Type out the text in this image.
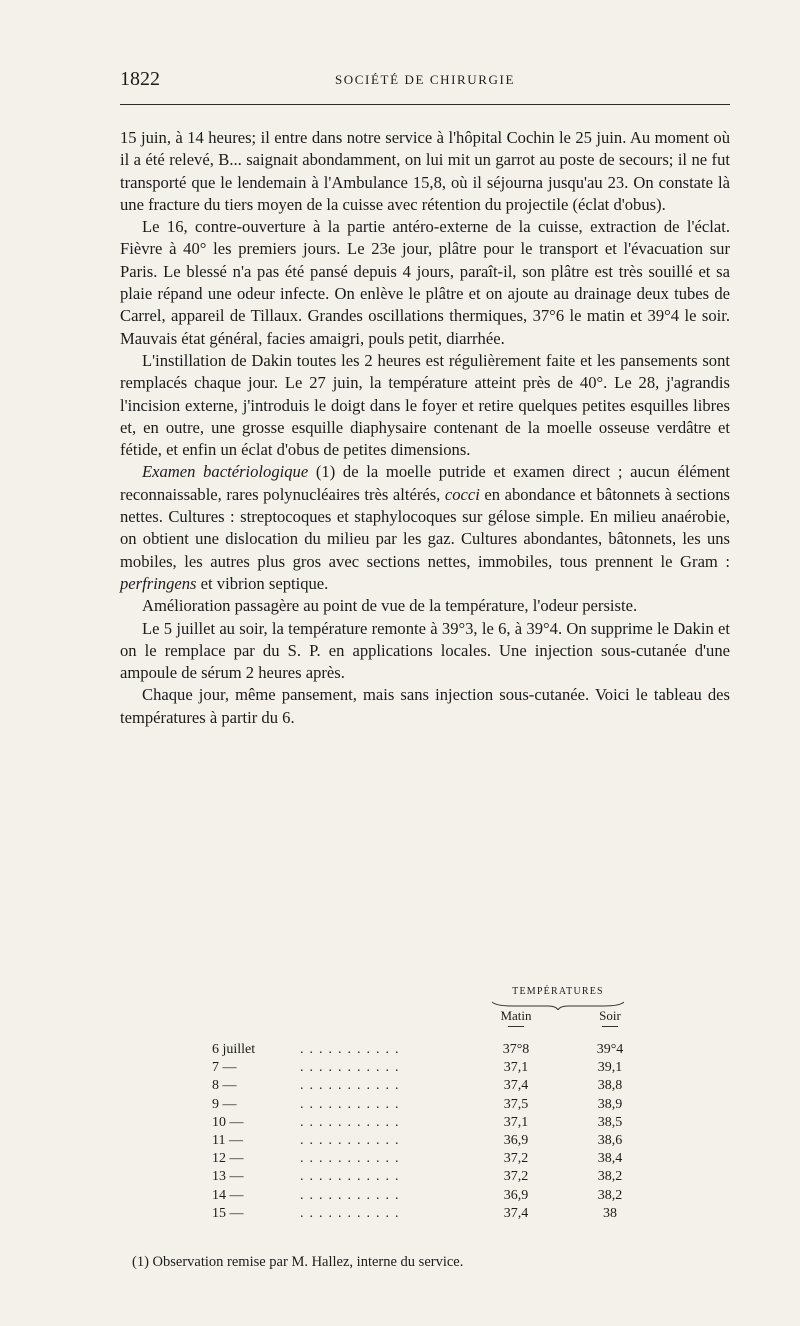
1822	SOCIÉTÉ DE CHIRURGIE

15 juin, à 14 heures; il entre dans notre service à l'hôpital Cochin le 25 juin. Au moment où il a été relevé, B... saignait abondamment, on lui mit un garrot au poste de secours; il ne fut transporté que le lendemain à l'Ambulance 15,8, où il séjourna jusqu'au 23. On constate là une fracture du tiers moyen de la cuisse avec rétention du projectile (éclat d'obus).

Le 16, contre-ouverture à la partie antéro-externe de la cuisse, extraction de l'éclat. Fièvre à 40° les premiers jours. Le 23e jour, plâtre pour le transport et l'évacuation sur Paris. Le blessé n'a pas été pansé depuis 4 jours, paraît-il, son plâtre est très souillé et sa plaie répand une odeur infecte. On enlève le plâtre et on ajoute au drainage deux tubes de Carrel, appareil de Tillaux. Grandes oscillations thermiques, 37°6 le matin et 39°4 le soir. Mauvais état général, facies amaigri, pouls petit, diarrhée.

L'instillation de Dakin toutes les 2 heures est régulièrement faite et les pansements sont remplacés chaque jour. Le 27 juin, la température atteint près de 40°. Le 28, j'agrandis l'incision externe, j'introduis le doigt dans le foyer et retire quelques petites esquilles libres et, en outre, une grosse esquille diaphysaire contenant de la moelle osseuse verdâtre et fétide, et enfin un éclat d'obus de petites dimensions.

Examen bactériologique (1) de la moelle putride et examen direct ; aucun élément reconnaissable, rares polynucléaires très altérés, cocci en abondance et bâtonnets à sections nettes. Cultures : streptocoques et staphylocoques sur gélose simple. En milieu anaérobie, on obtient une dislocation du milieu par les gaz. Cultures abondantes, bâtonnets, les uns mobiles, les autres plus gros avec sections nettes, immobiles, tous prennent le Gram : perfringens et vibrion septique.

Amélioration passagère au point de vue de la température, l'odeur persiste.

Le 5 juillet au soir, la température remonte à 39°3, le 6, à 39°4. On supprime le Dakin et on le remplace par du S. P. en applications locales. Une injection sous-cutanée d'une ampoule de sérum 2 heures après.

Chaque jour, même pansement, mais sans injection sous-cutanée. Voici le tableau des températures à partir du 6.

TEMPÉRATURES
Matin	Soir
6 juillet	...........	37°8	39°4
7 —	...........	37,1	39,1
8 —	...........	37,4	38,8
9 —	...........	37,5	38,9
10 —	...........	37,1	38,5
11 —	...........	36,9	38,6
12 —	...........	37,2	38,4
13 —	...........	37,2	38,2
14 —	...........	36,9	38,2
15 —	...........	37,4	38
(1) Observation remise par M. Hallez, interne du service.
